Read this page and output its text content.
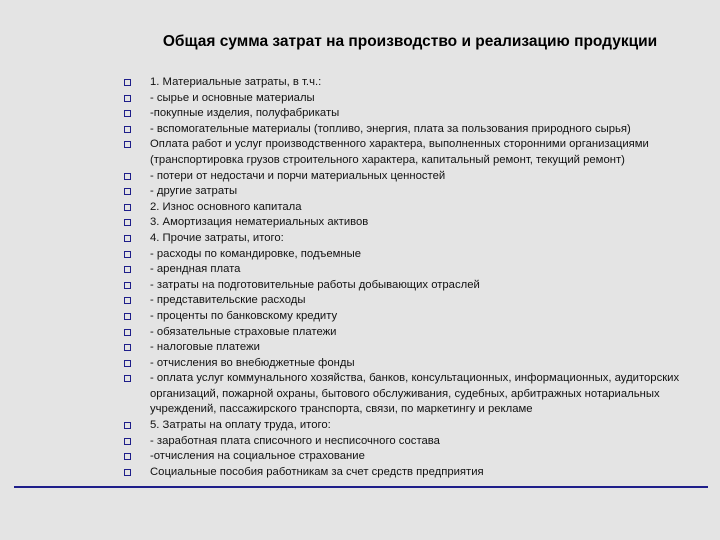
Общая сумма затрат на производство и реализацию продукции
1. Материальные затраты, в т.ч.:
- сырье и основные материалы
-покупные изделия, полуфабрикаты
- вспомогательные материалы (топливо, энергия, плата за пользования природного сырья)
Оплата работ и услуг производственного характера, выполненных сторонними организациями (транспортировка грузов строительного характера, капитальный ремонт, текущий ремонт)
- потери от недостачи и порчи материальных ценностей
- другие затраты
2. Износ основного капитала
3. Амортизация нематериальных активов
4. Прочие затраты, итого:
- расходы по командировке, подъемные
- арендная плата
- затраты на подготовительные работы добывающих отраслей
- представительские расходы
- проценты по банковскому кредиту
- обязательные страховые платежи
- налоговые платежи
- отчисления во внебюджетные фонды
- оплата услуг коммунального хозяйства, банков, консультационных, информационных, аудиторских организаций, пожарной охраны, бытового обслуживания, судебных, арбитражных нотариальных учреждений, пассажирского транспорта, связи, по маркетингу и рекламе
5. Затраты на оплату труда, итого:
- заработная плата списочного и несписочного состава
-отчисления на социальное страхование
Социальные пособия работникам за счет средств предприятия
